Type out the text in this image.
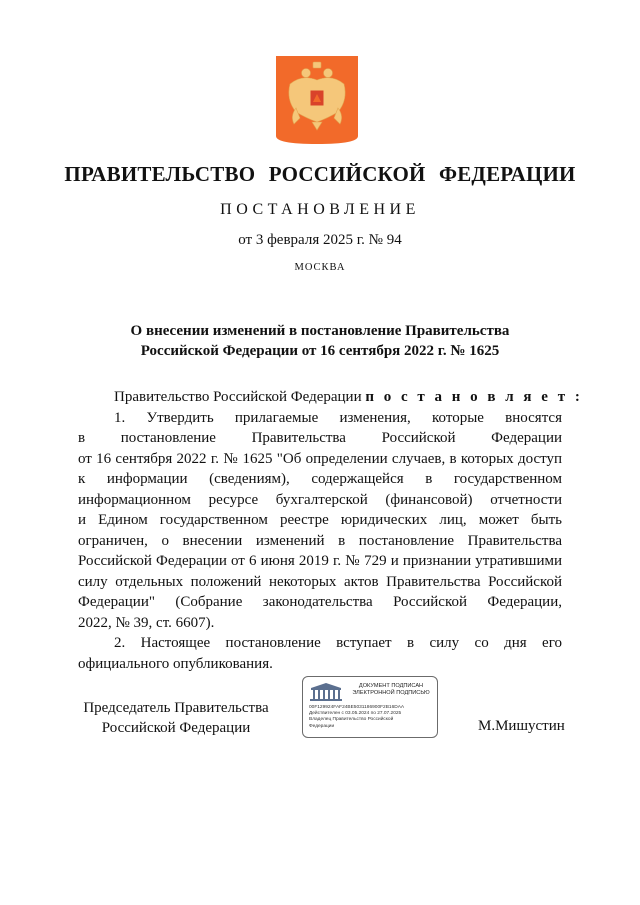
ПРАВИТЕЛЬСТВО РОССИЙСКОЙ ФЕДЕРАЦИИ
ПОСТАНОВЛЕНИЕ
от 3 февраля 2025 г. № 94
МОСКВА
О внесении изменений в постановление Правительства
Российской Федерации от 16 сентября 2022 г. № 1625
Правительство Российской Федерации п о с т а н о в л я е т :
1. Утвердить прилагаемые изменения, которые вносятся
в постановление Правительства Российской Федерации
от 16 сентября 2022 г. № 1625 "Об определении случаев, в которых доступ
к информации (сведениям), содержащейся в государственном
информационном ресурсе бухгалтерской (финансовой) отчетности
и Едином государственном реестре юридических лиц, может быть
ограничен, о внесении изменений в постановление Правительства
Российской Федерации от 6 июня 2019 г. № 729 и признании утратившими
силу отдельных положений некоторых актов Правительства Российской
Федерации" (Собрание законодательства Российской Федерации,
2022, № 39, ст. 6607).
2. Настоящее постановление вступает в силу со дня его
официального опубликования.
Председатель Правительства
Российской Федерации
ДОКУМЕНТ ПОДПИСАН
ЭЛЕКТРОННОЙ ПОДПИСЬЮ
00F129924FAF24BE5031186900F2B16DAA
Действителен с 03.05.2024 по 27.07.2025
Владелец Правительство Российской
Федерации	М.Мишустин
